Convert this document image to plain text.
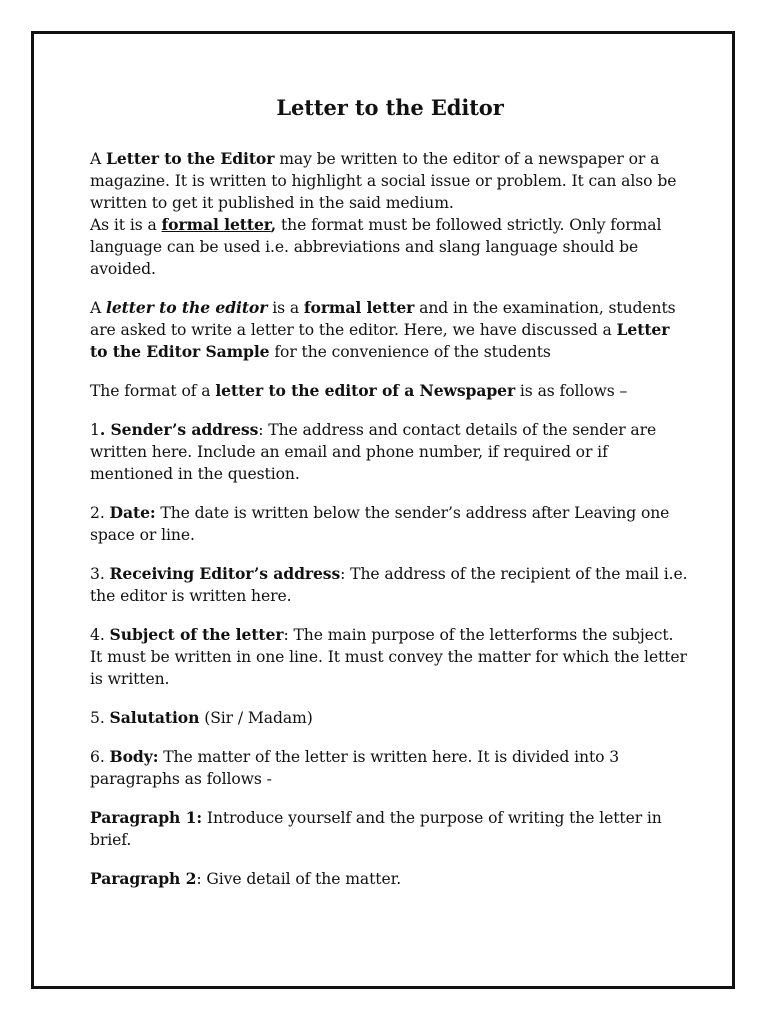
Letter to the Editor

A Letter to the Editor may be written to the editor of a newspaper or a magazine. It is written to highlight a social issue or problem. It can also be written to get it published in the said medium.
As it is a formal letter, the format must be followed strictly. Only formal language can be used i.e. abbreviations and slang language should be avoided.

A letter to the editor is a formal letter and in the examination, students are asked to write a letter to the editor. Here, we have discussed a Letter to the Editor Sample for the convenience of the students

The format of a letter to the editor of a Newspaper is as follows –

1. Sender’s address: The address and contact details of the sender are written here. Include an email and phone number, if required or if mentioned in the question.

2. Date: The date is written below the sender’s address after Leaving one space or line.

3. Receiving Editor’s address: The address of the recipient of the mail i.e. the editor is written here.

4. Subject of the letter: The main purpose of the letterforms the subject. It must be written in one line. It must convey the matter for which the letter is written.

5. Salutation (Sir / Madam)

6. Body: The matter of the letter is written here. It is divided into 3 paragraphs as follows -

Paragraph 1: Introduce yourself and the purpose of writing the letter in brief.

Paragraph 2: Give detail of the matter.
